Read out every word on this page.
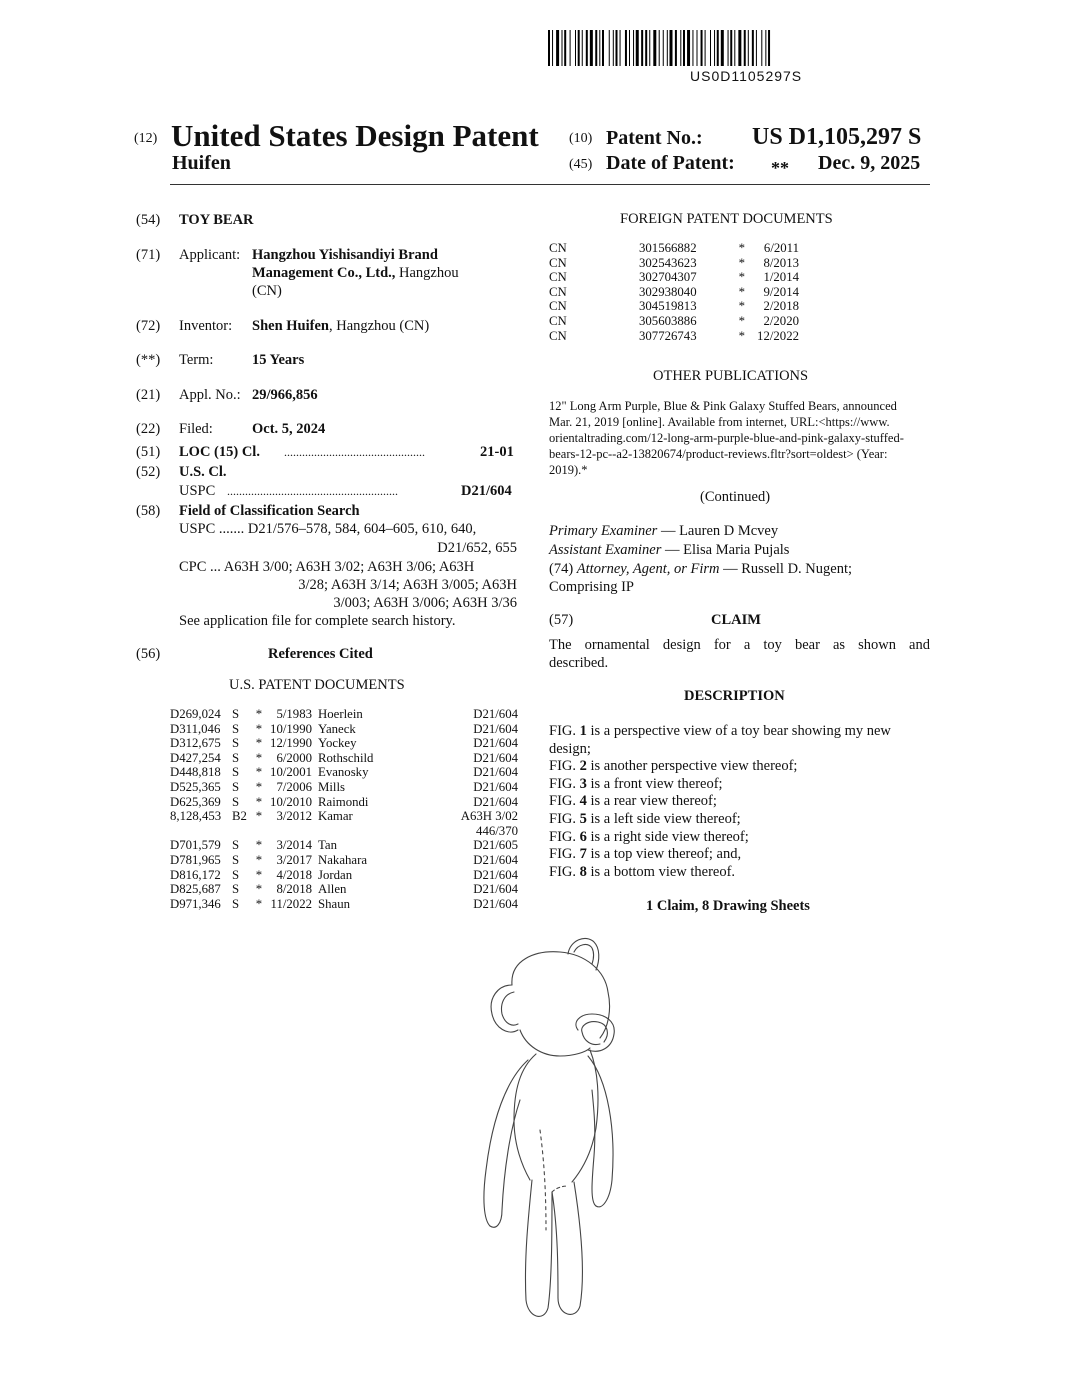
US0D1105297S
(12) United States Design Patent
Huifen
(10) Patent No.: US D1,105,297 S
(45) Date of Patent: ** Dec. 9, 2025
(54) TOY BEAR
(71) Applicant: Hangzhou Yishisandiyi Brand
Management Co., Ltd., Hangzhou
(CN)
(72) Inventor: Shen Huifen, Hangzhou (CN)
(**) Term:	15 Years
(21) Appl. No.: 29/966,856
(22) Filed:	Oct. 5, 2024
(51) LOC (15) Cl. ...............................................	21-01
(52) U.S. Cl.
USPC .........................................................	D21/604
(58) Field of Classification Search
USPC ....... D21/576–578, 584, 604–605, 610, 640,
D21/652, 655
CPC ... A63H 3/00; A63H 3/02; A63H 3/06; A63H
3/28; A63H 3/14; A63H 3/005; A63H
3/003; A63H 3/006; A63H 3/36
See application file for complete search history.
(56)	References Cited
U.S. PATENT DOCUMENTS
D269,024	S	*	5/1983	Hoerlein	D21/604
D311,046	S	*	10/1990	Yaneck	D21/604
D312,675	S	*	12/1990	Yockey	D21/604
D427,254	S	*	6/2000	Rothschild	D21/604
D448,818	S	*	10/2001	Evanosky	D21/604
D525,365	S	*	7/2006	Mills	D21/604
D625,369	S	*	10/2010	Raimondi	D21/604
8,128,453	B2	*	3/2012	Kamar	A63H 3/02
					446/370
D701,579	S	*	3/2014	Tan	D21/605
D781,965	S	*	3/2017	Nakahara	D21/604
D816,172	S	*	4/2018	Jordan	D21/604
D825,687	S	*	8/2018	Allen	D21/604
D971,346	S	*	11/2022	Shaun	D21/604
FOREIGN PATENT DOCUMENTS
CN	301566882	*	6/2011
CN	302543623	*	8/2013
CN	302704307	*	1/2014
CN	302938040	*	9/2014
CN	304519813	*	2/2018
CN	305603886	*	2/2020
CN	307726743	*	12/2022
OTHER PUBLICATIONS
12" Long Arm Purple, Blue & Pink Galaxy Stuffed Bears, announced
Mar. 21, 2019 [online]. Available from internet, URL:<https://www.
orientaltrading.com/12-long-arm-purple-blue-and-pink-galaxy-stuffed-
bears-12-pc--a2-13820674/product-reviews.fltr?sort=oldest> (Year:
2019).*
(Continued)
Primary Examiner — Lauren D Mcvey
Assistant Examiner — Elisa Maria Pujals
(74) Attorney, Agent, or Firm — Russell D. Nugent;
Comprising IP
(57)	CLAIM
The ornamental design for a toy bear as shown and
described.
DESCRIPTION
FIG. 1 is a perspective view of a toy bear showing my new
design;
FIG. 2 is another perspective view thereof;
FIG. 3 is a front view thereof;
FIG. 4 is a rear view thereof;
FIG. 5 is a left side view thereof;
FIG. 6 is a right side view thereof;
FIG. 7 is a top view thereof; and,
FIG. 8 is a bottom view thereof.
1 Claim, 8 Drawing Sheets
